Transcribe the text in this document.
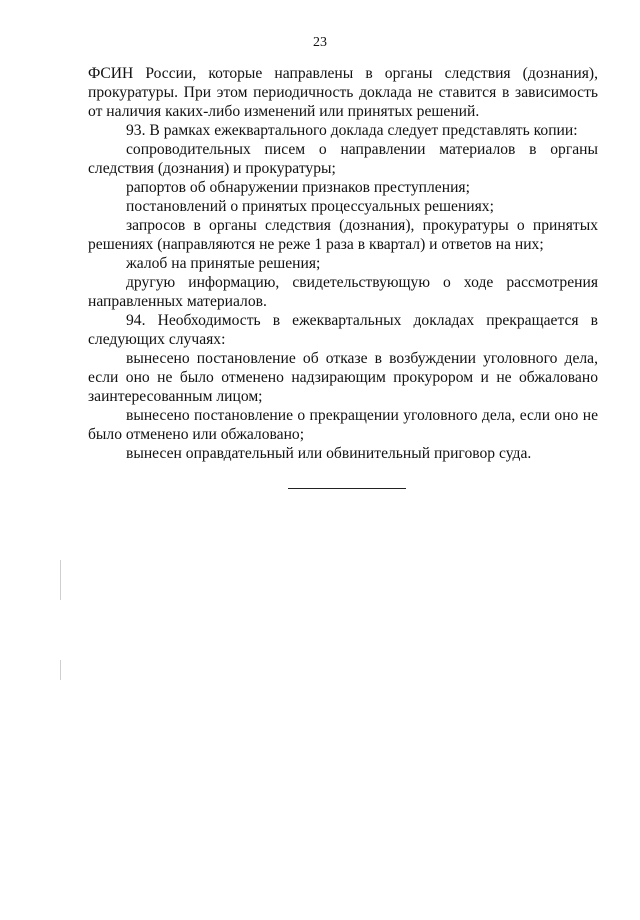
23

ФСИН России, которые направлены в органы следствия (дознания), прокуратуры. При этом периодичность доклада не ставится в зависимость от наличия каких-либо изменений или принятых решений.

93. В рамках ежеквартального доклада следует представлять копии:

сопроводительных писем о направлении материалов в органы следствия (дознания) и прокуратуры;

рапортов об обнаружении признаков преступления;

постановлений о принятых процессуальных решениях;

запросов в органы следствия (дознания), прокуратуры о принятых решениях (направляются не реже 1 раза в квартал) и ответов на них;

жалоб на принятые решения;

другую информацию, свидетельствующую о ходе рассмотрения направленных материалов.

94. Необходимость в ежеквартальных докладах прекращается в следующих случаях:

вынесено постановление об отказе в возбуждении уголовного дела, если оно не было отменено надзирающим прокурором и не обжаловано заинтересованным лицом;

вынесено постановление о прекращении уголовного дела, если оно не было отменено или обжаловано;

вынесен оправдательный или обвинительный приговор суда.
